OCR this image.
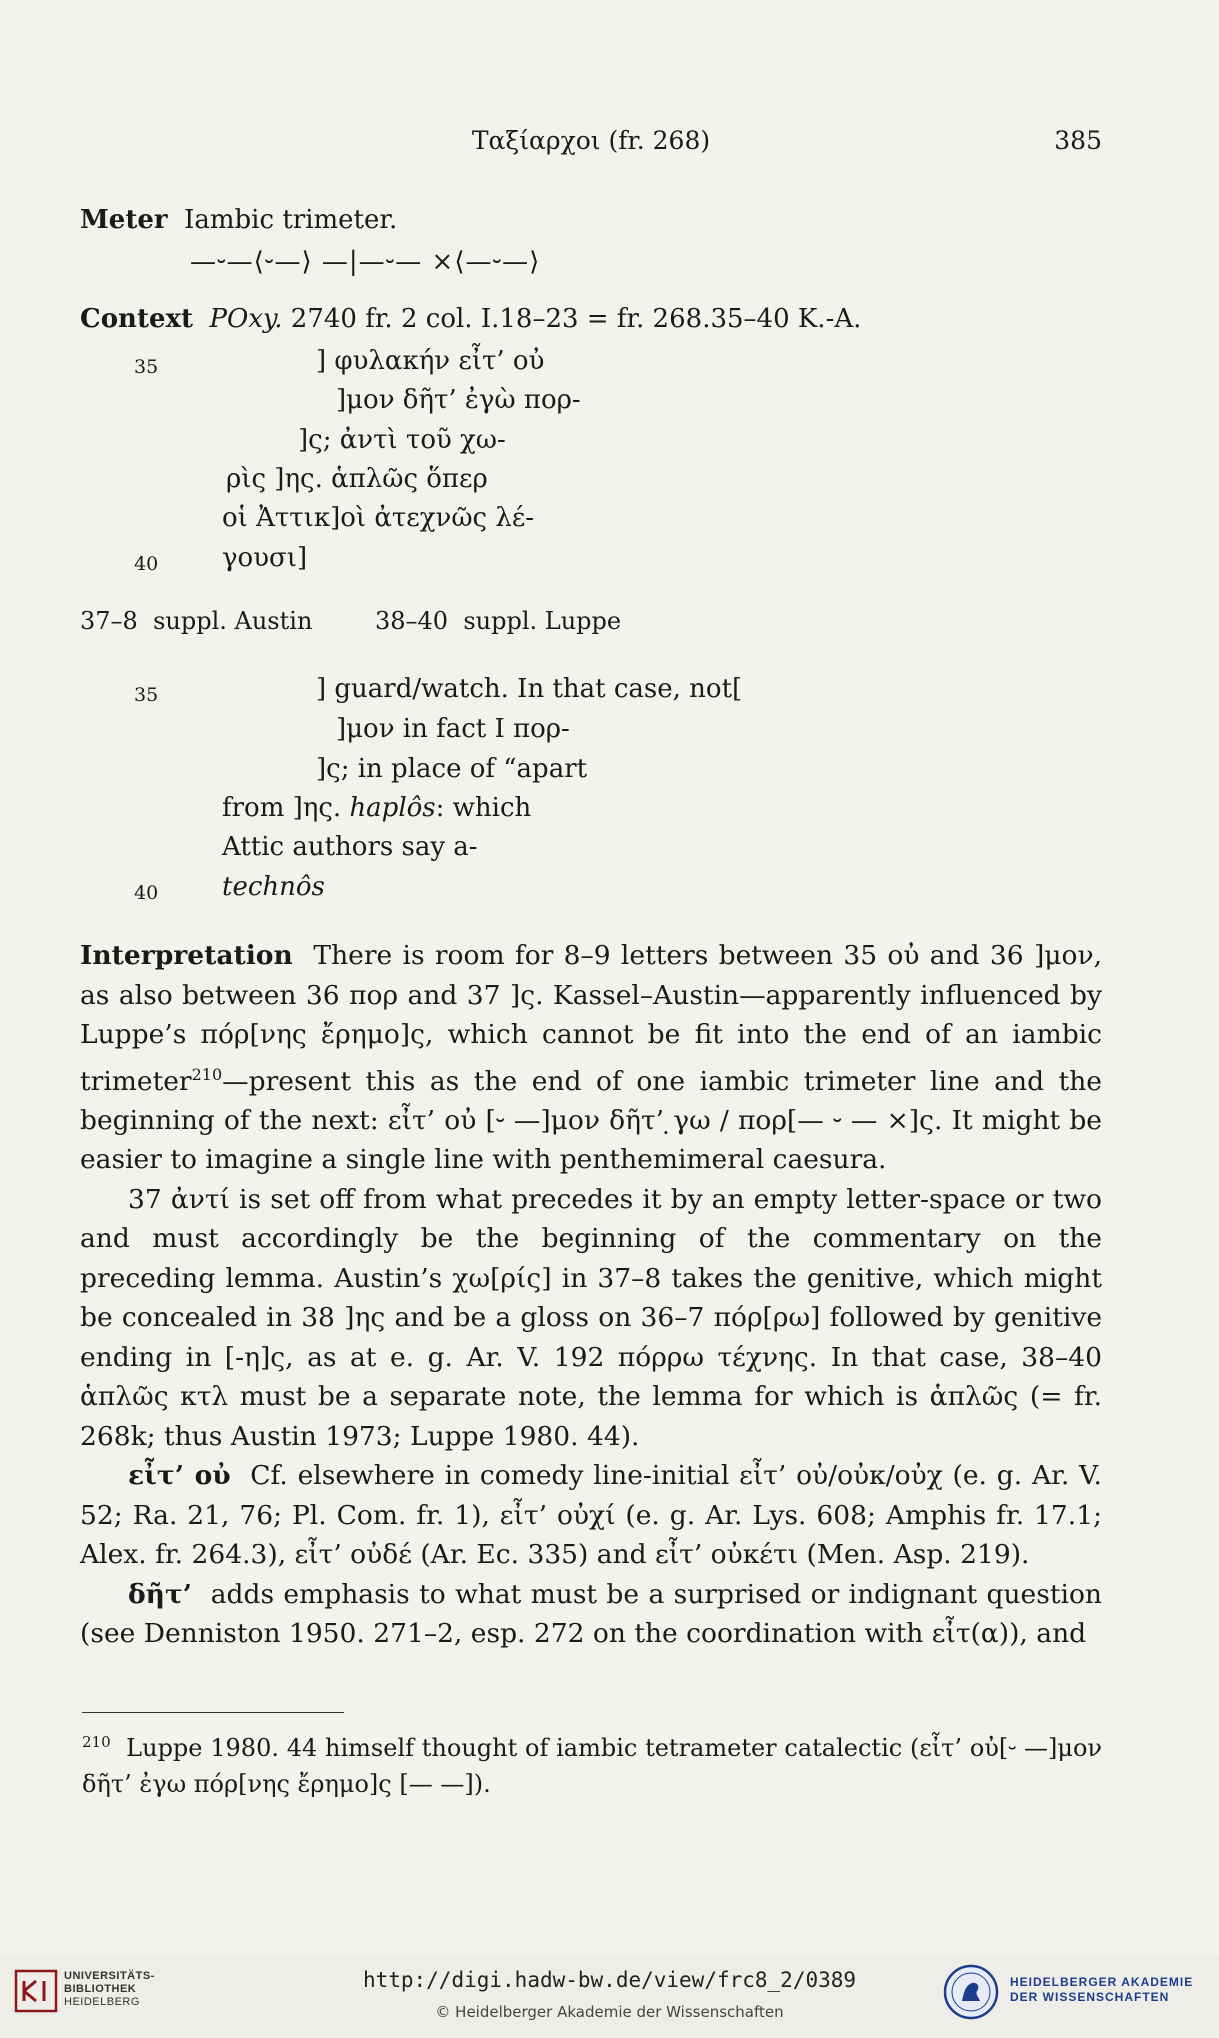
Ταξίαρχοι (fr. 268)	385
Meter Iambic trimeter.
—⏑—⟨⏑—⟩ —|—⏑— ×⟨—⏑—⟩
Context POxy. 2740 fr. 2 col. I.18–23 = fr. 268.35–40 K.-A.
35	] φυλακήν εἶτ’ οὐ
]μον δῆτ’ ἐγὼ πορ-
]ς; ἀντὶ τοῦ χω-
ρὶς ]ης. ἁπλῶς ὅπερ
οἱ Ἀττικ]οὶ ἀτεχνῶς λέ-
40 γουσι]
37–8 suppl. Austin	38–40 suppl. Luppe
35	] guard/watch. In that case, not[
]μον in fact I πορ-
]ς; in place of “apart
from ]ης. haplôs: which
Attic authors say a-
40 technôs

Interpretation There is room for 8–9 letters between 35 οὐ and 36 ]μον, as also between 36 πορ and 37 ]ς. Kassel–Austin—apparently influenced by Luppe’s πόρ[νης ἔρημο]ς, which cannot be fit into the end of an iambic trimeter$^{210}$—present this as the end of one iambic trimeter line and the beginning of the next: εἶτ’ οὐ [⏑ —]μον δῆτ’ ̣γω / πορ[— ⏑ — ×]ς. It might be easier to imagine a single line with penthemimeral caesura.

37 ἀντί is set off from what precedes it by an empty letter-space or two and must accordingly be the beginning of the commentary on the preceding lemma. Austin’s χω[ρίς] in 37–8 takes the genitive, which might be concealed in 38 ]ης and be a gloss on 36–7 πόρ[ρω] followed by genitive ending in [-η]ς, as at e. g. Ar. V. 192 πόρρω τέχνης. In that case, 38–40 ἁπλῶς κτλ must be a separate note, the lemma for which is ἁπλῶς (= fr. 268k; thus Austin 1973; Luppe 1980. 44).

εἶτ’ οὐ Cf. elsewhere in comedy line-initial εἶτ’ οὐ/οὐκ/οὐχ (e. g. Ar. V. 52; Ra. 21, 76; Pl. Com. fr. 1), εἶτ’ οὐχί (e. g. Ar. Lys. 608; Amphis fr. 17.1; Alex. fr. 264.3), εἶτ’ οὐδέ (Ar. Ec. 335) and εἶτ’ οὐκέτι (Men. Asp. 219).

δῆτ’ adds emphasis to what must be a surprised or indignant question (see Denniston 1950. 271–2, esp. 272 on the coordination with εἶτ(α)), and

$^{210}$ Luppe 1980. 44 himself thought of iambic tetrameter catalectic (εἶτ’ οὐ[⏑ —]μον δῆτ’ ἐγω πόρ[νης ἔρημο]ς [— —]).
UNIVERSITÄTS-
BIBLIOTHEK
HEIDELBERG
http://digi.hadw-bw.de/view/frc8_2/0389
© Heidelberger Akademie der Wissenschaften
HEIDELBERGER AKADEMIE
DER WISSENSCHAFTEN
